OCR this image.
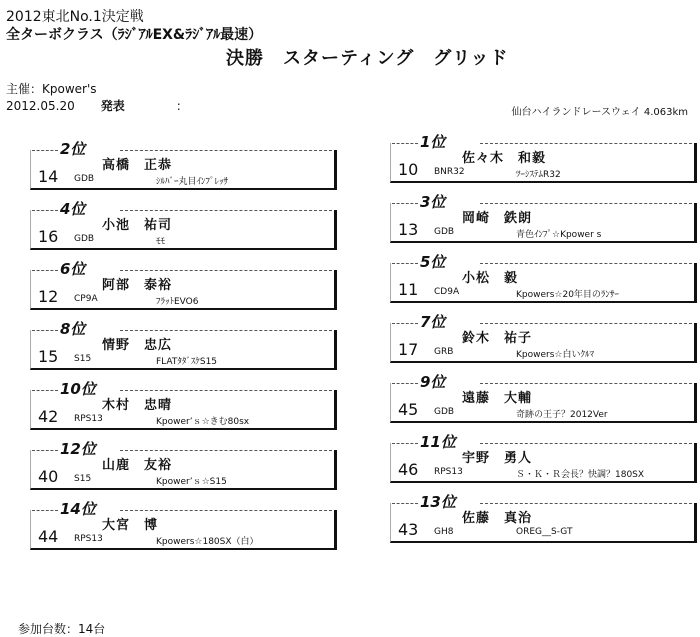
2012東北No.1決定戦
全ターボクラス（ﾗｼﾞｱﾙEX&ﾗｼﾞｱﾙ最速）
決勝　スターティング　グリッド
主催：Kpower's
2012.05.20 発表	:	仙台ハイランドレースウェイ 4.063km
1位
佐々木　和毅
10 BNR32	ﾂｰｼｽﾃﾑR32
2位
高橋　正恭
14 GDB	ｼﾙﾊﾞｰ丸目ｲﾝﾌﾟﾚｯｻ
3位
岡崎　鉄朗
13 GDB	青色ｲﾝﾌﾟ☆Kpower s
4位
小池　祐司
16 GDB	ﾓﾓ
5位
小松　毅
11 CD9A	Kpowers☆20年目のﾗﾝｻｰ
6位
阿部　泰裕
12 CP9A	ﾌﾗｯﾄEVO6
7位
鈴木　祐子
17 GRB	Kpowers☆白いｸﾙﾏ
8位
情野　忠広
15 S15	FLATﾀﾀﾞｽｹS15
9位
遠藤　大輔
45 GDB	奇跡の王子？2012Ver
10位
木村　忠晴
42 RPS13	Kpower’ｓ☆きむ80sx
11位
宇野　勇人
46 RPS13	Ｓ・Ｋ・Ｒ会長？快調？180SX
12位
山鹿　友裕
40 S15	Kpower’ｓ☆S15
13位
佐藤　真治
43 GH8	OREG__S-GT
14位
大宮　博
44 RPS13	Kpowers☆180SX（白）
参加台数：14台
